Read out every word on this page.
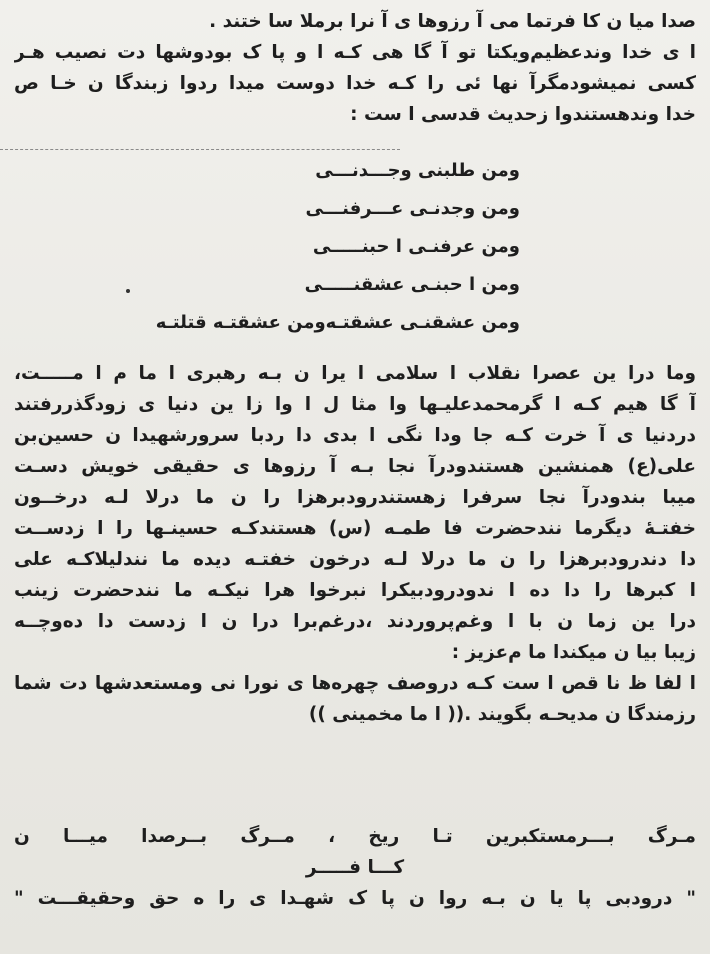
صدا میا ن کا فرتما می آ رزوها ی آ نرا برملا سا ختند .
ا ی خدا وندعظیم‌ویکتا تو آ گا هی کـه ا و پا ک بودوشها دت نصیب هـر
کسی نمیشودمگرآ نها ئی را کـه خدا دوست میدا ردوا زبندگا ن خـا ص
خدا وندهستندوا زحدیث قدسی ا ست :
ومن طلبنی وجـــدنـــی
ومن وجدنـی عـــرفنـــی
ومن عرفنـی ا حبنـــــی
ومن ا حبنـی عشقنـــــی
ومن عشقنـی عشقتـه‌ومن عشقتـه قتلتـه
وما درا ین عصرا نقلاب ا سلامی ا یرا ن بـه رهبری ا ما م ا مـــــت،
آ گا هیم کـه ا گرمحمدعلیـها وا مثا ل ا وا زا ین دنیا ی زودگذررفتند
دردنیا ی آ خرت کـه جا ودا نگی ا بدی دا ردبا سرورشهیدا ن حسین‌بن
علی(ع) همنشین هستندودرآ نجا بـه آ رزوها ی حقیقی خویش دسـت
میبا بندودرآ نجا سرفرا زهستندرودبرهزا را ن ما درلا لـه درخــون
خفتـهٔ دیگرما نندحضرت فا طمـه (س) هستندکـه حسینـها را ا زدســت
دا دندرودبرهزا را ن ما درلا لـه درخون خفتـه دیده ما نندلیلاکـه علی
ا کبرها را دا ده ا ندودرودبیکرا نبرخوا هرا نیکـه ما نندحضرت زینب
درا ین زما ن با ا وغم‌پروردند ،درغم‌برا درا ن ا زدست دا ده‌وچــه
زیبا بیا ن میکندا ما م‌عزیز :
ا لفا ظ نا قص ا ست کـه دروصف چهره‌ها ی نورا نی ومستعدشها دت شما
رزمندگا ن مدیحـه بگویند .(( ا ما مخمینی ))
مـرگ بـــرمستکبرین تـا ریخ ، مــرگ بــرصدا میـــا ن
کـــا فـــــر
" درودبی پا یا ن بـه روا ن پا ک شهـدا ی را ه حق وحقیقـــت "
